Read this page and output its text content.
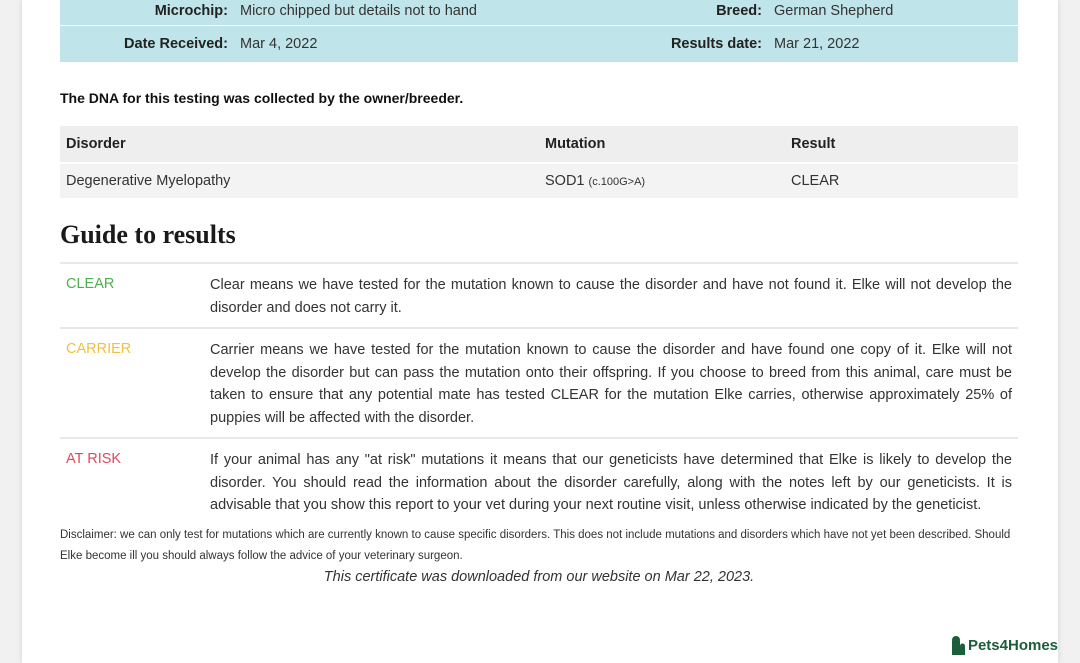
Microchip: Micro chipped but details not to hand	Breed: German Shepherd
Date Received: Mar 4, 2022	Results date: Mar 21, 2022
The DNA for this testing was collected by the owner/breeder.
Disorder	Mutation	Result
Degenerative Myelopathy	SOD1 (c.100G>A)	CLEAR
Guide to results
CLEAR	Clear means we have tested for the mutation known to cause the disorder and have not found it. Elke will not develop the disorder and does not carry it.
CARRIER	Carrier means we have tested for the mutation known to cause the disorder and have found one copy of it. Elke will not develop the disorder but can pass the mutation onto their offspring. If you choose to breed from this animal, care must be taken to ensure that any potential mate has tested CLEAR for the mutation Elke carries, otherwise approximately 25% of puppies will be affected with the disorder.
AT RISK	If your animal has any "at risk" mutations it means that our geneticists have determined that Elke is likely to develop the disorder. You should read the information about the disorder carefully, along with the notes left by our geneticists. It is advisable that you show this report to your vet during your next routine visit, unless otherwise indicated by the geneticist.
Disclaimer: we can only test for mutations which are currently known to cause specific disorders. This does not include mutations and disorders which have not yet been described. Should Elke become ill you should always follow the advice of your veterinary surgeon.
This certificate was downloaded from our website on Mar 22, 2023.
Pets4Homes
